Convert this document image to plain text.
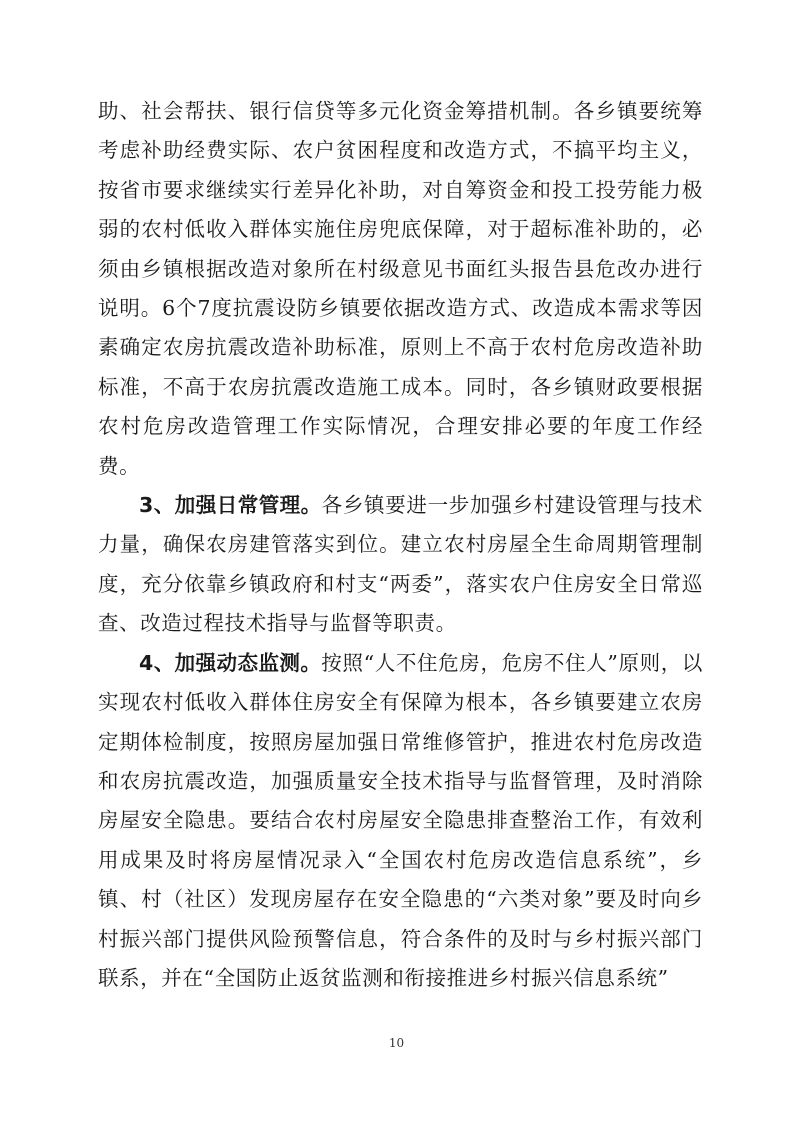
助、社会帮扶、银行信贷等多元化资金筹措机制。各乡镇要统筹考虑补助经费实际、农户贫困程度和改造方式，不搞平均主义，按省市要求继续实行差异化补助，对自筹资金和投工投劳能力极弱的农村低收入群体实施住房兜底保障，对于超标准补助的，必须由乡镇根据改造对象所在村级意见书面红头报告县危改办进行说明。6个7度抗震设防乡镇要依据改造方式、改造成本需求等因素确定农房抗震改造补助标准，原则上不高于农村危房改造补助标准，不高于农房抗震改造施工成本。同时，各乡镇财政要根据农村危房改造管理工作实际情况，合理安排必要的年度工作经费。

3、加强日常管理。各乡镇要进一步加强乡村建设管理与技术力量，确保农房建管落实到位。建立农村房屋全生命周期管理制度，充分依靠乡镇政府和村支“两委”，落实农户住房安全日常巡查、改造过程技术指导与监督等职责。

4、加强动态监测。按照“人不住危房，危房不住人”原则，以实现农村低收入群体住房安全有保障为根本，各乡镇要建立农房定期体检制度，按照房屋加强日常维修管护，推进农村危房改造和农房抗震改造，加强质量安全技术指导与监督管理，及时消除房屋安全隐患。要结合农村房屋安全隐患排查整治工作，有效利用成果及时将房屋情况录入“全国农村危房改造信息系统”，乡镇、村（社区）发现房屋存在安全隐患的“六类对象”要及时向乡村振兴部门提供风险预警信息，符合条件的及时与乡村振兴部门联系，并在“全国防止返贫监测和衔接推进乡村振兴信息系统”

10
